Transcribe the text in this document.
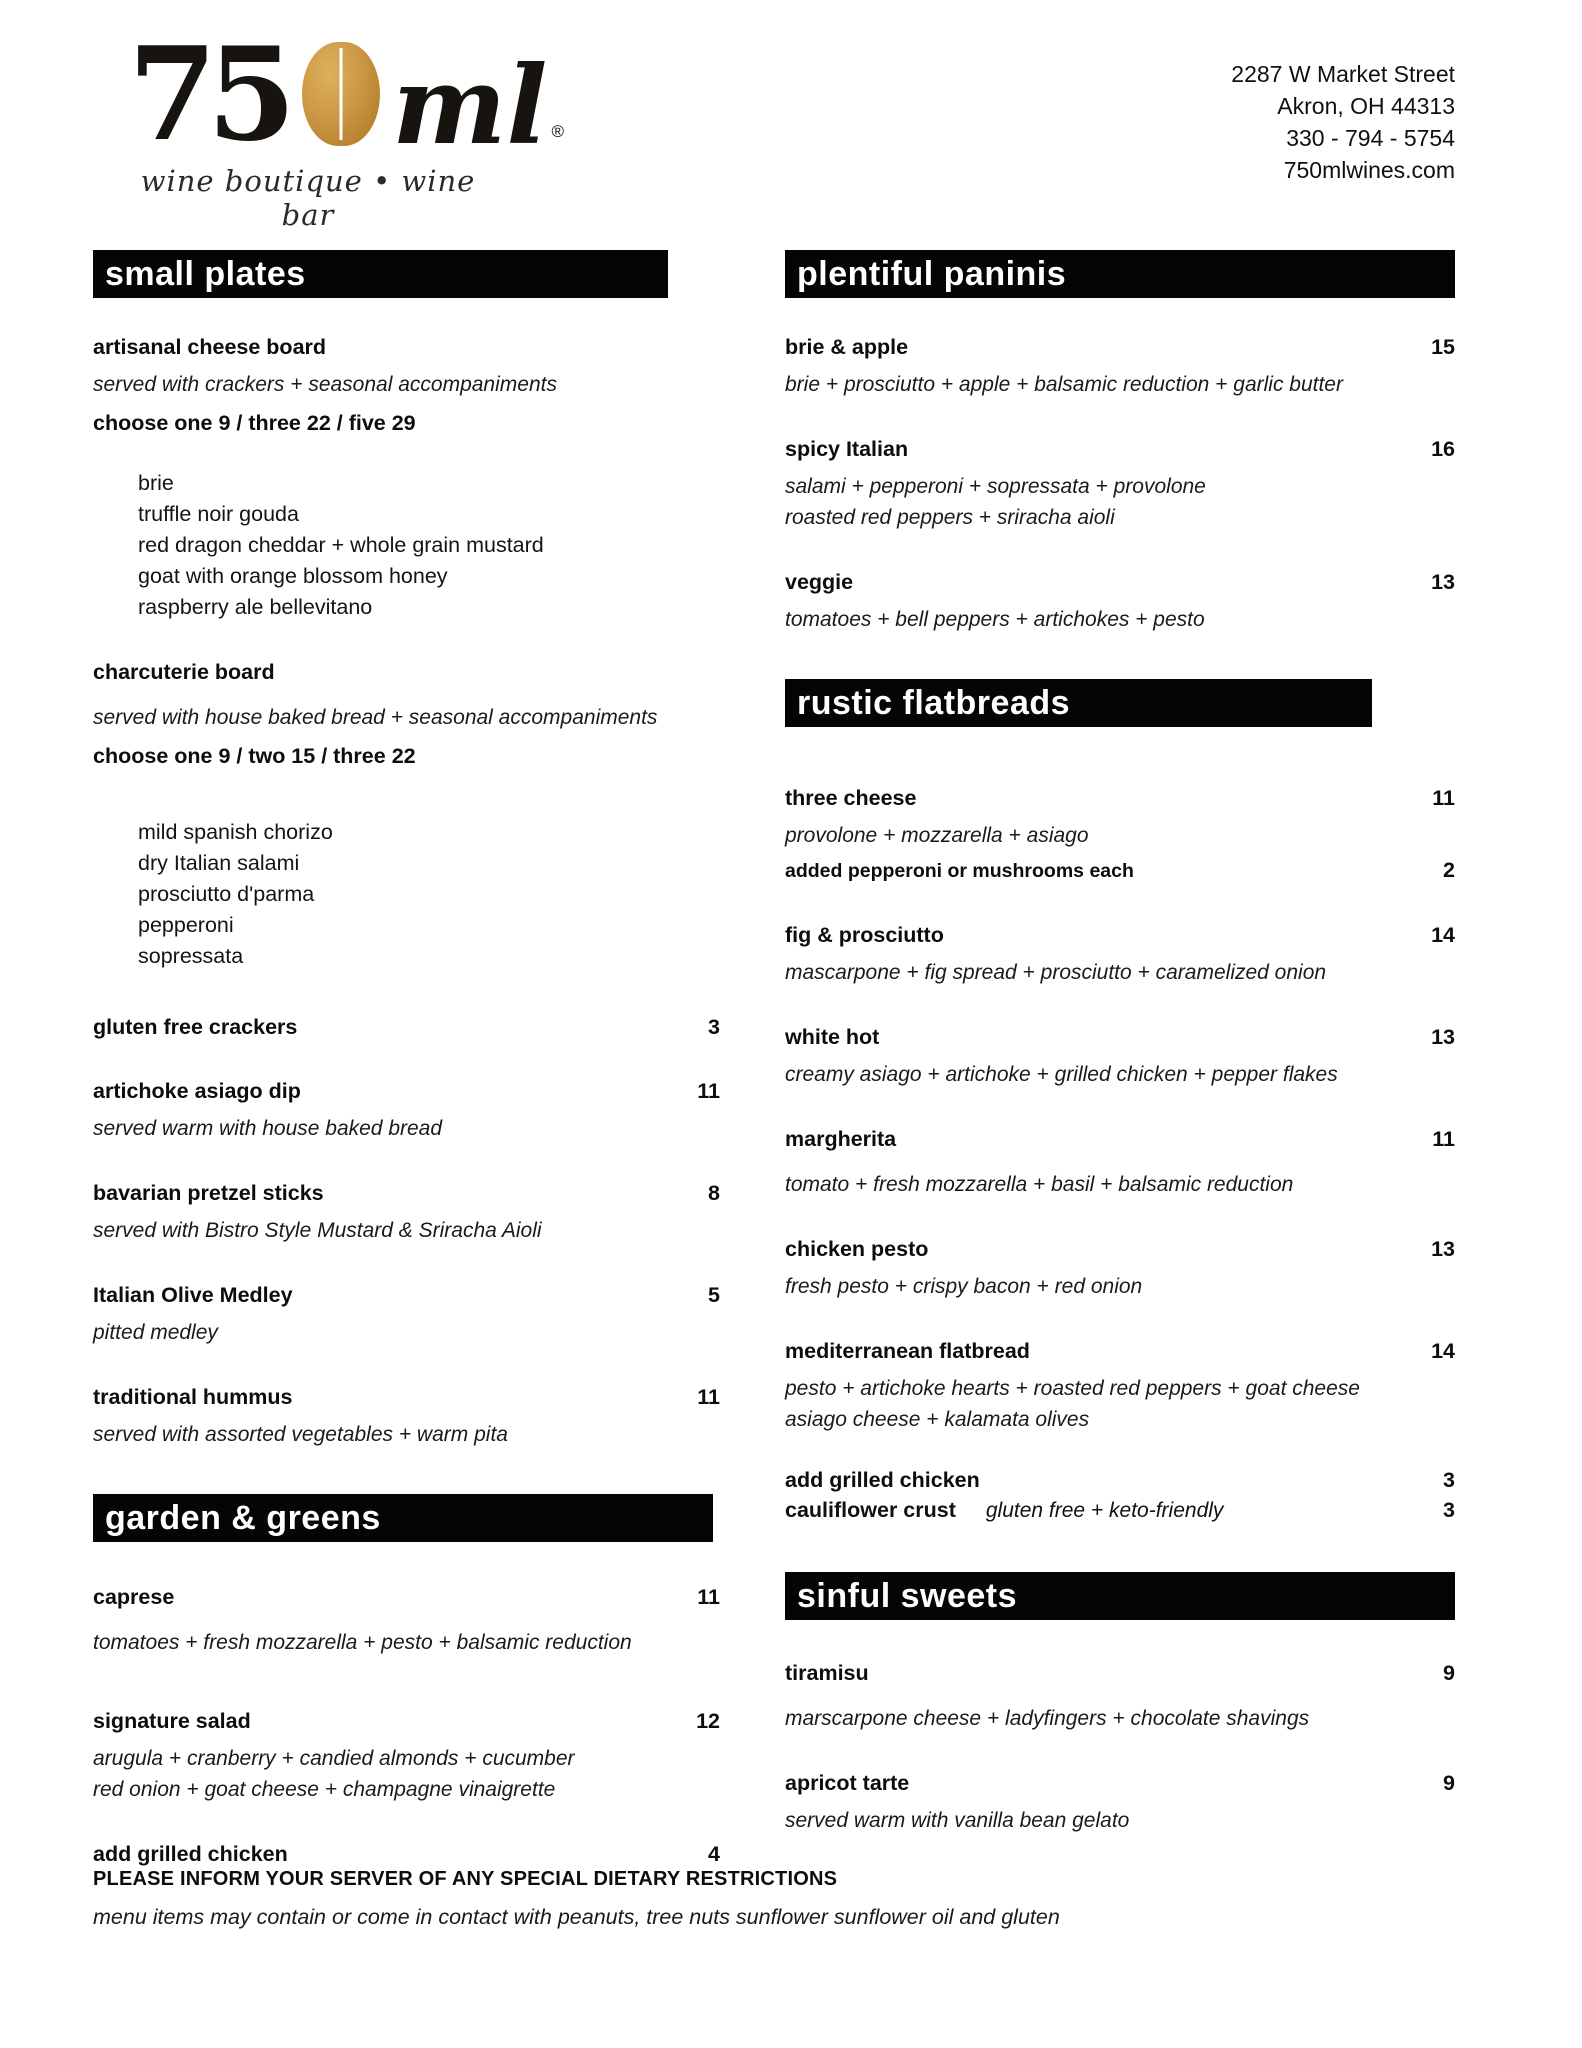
75 ml ®
wine boutique • wine bar
2287 W Market Street
Akron, OH 44313
330 - 794 - 5754
750mlwines.com
small plates
artisanal cheese board
served with crackers + seasonal accompaniments
choose one 9 / three 22 / five 29
brie
truffle noir gouda
red dragon cheddar + whole grain mustard
goat with orange blossom honey
raspberry ale bellevitano
charcuterie board
served with house baked bread + seasonal accompaniments
choose one 9 / two 15 / three 22
mild spanish chorizo
dry Italian salami
prosciutto d'parma
pepperoni
sopressata
gluten free crackers	3
artichoke asiago dip	11
served warm with house baked bread
bavarian pretzel sticks	8
served with Bistro Style Mustard & Sriracha Aioli
Italian Olive Medley	5
pitted medley
traditional hummus	11
served with assorted vegetables + warm pita
garden & greens
caprese	11
tomatoes + fresh mozzarella + pesto + balsamic reduction
signature salad	12
arugula + cranberry + candied almonds + cucumber
red onion + goat cheese + champagne vinaigrette
add grilled chicken	4
plentiful paninis
brie & apple	15
brie + prosciutto + apple + balsamic reduction + garlic butter
spicy Italian	16
salami + pepperoni + sopressata + provolone
roasted red peppers + sriracha aioli
veggie	13
tomatoes + bell peppers + artichokes + pesto
rustic flatbreads
three cheese	11
provolone + mozzarella + asiago
added pepperoni or mushrooms each	2
fig & prosciutto	14
mascarpone + fig spread + prosciutto + caramelized onion
white hot	13
creamy asiago + artichoke + grilled chicken + pepper flakes
margherita	11
tomato + fresh mozzarella + basil + balsamic reduction
chicken pesto	13
fresh pesto + crispy bacon + red onion
mediterranean flatbread	14
pesto + artichoke hearts + roasted red peppers + goat cheese
asiago cheese + kalamata olives
add grilled chicken	3
cauliflower crust gluten free + keto-friendly	3
sinful sweets
tiramisu	9
marscarpone cheese + ladyfingers + chocolate shavings
apricot tarte	9
served warm with vanilla bean gelato
PLEASE INFORM YOUR SERVER OF ANY SPECIAL DIETARY RESTRICTIONS
menu items may contain or come in contact with peanuts, tree nuts sunflower sunflower oil and gluten
